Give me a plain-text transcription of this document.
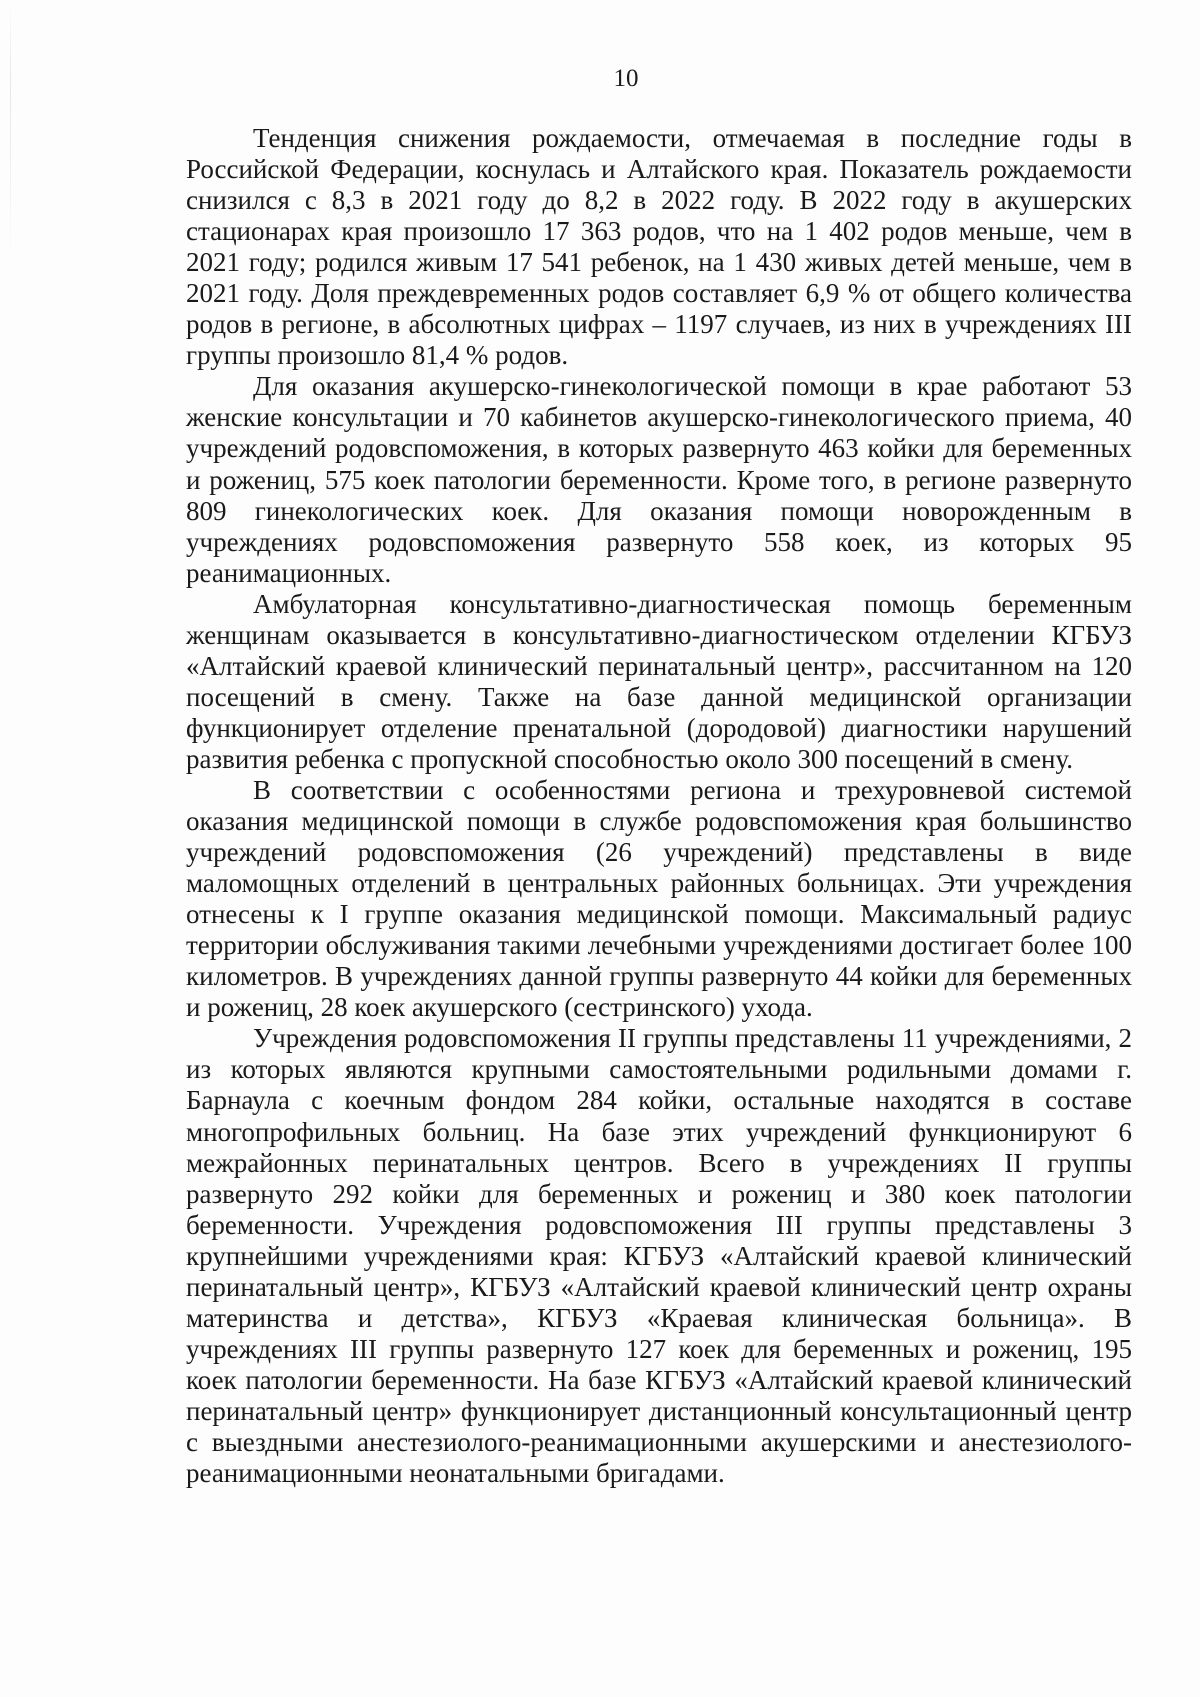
10

Тенденция снижения рождаемости, отмечаемая в последние годы в Российской Федерации, коснулась и Алтайского края. Показатель рождаемости снизился с 8,3 в 2021 году до 8,2 в 2022 году. В 2022 году в акушерских стационарах края произошло 17 363 родов, что на 1 402 родов меньше, чем в 2021 году; родился живым 17 541 ребенок, на 1 430 живых детей меньше, чем в 2021 году. Доля преждевременных родов составляет 6,9 % от общего количества родов в регионе, в абсолютных цифрах – 1197 случаев, из них в учреждениях III группы произошло 81,4 % родов.

Для оказания акушерско-гинекологической помощи в крае работают 53 женские консультации и 70 кабинетов акушерско-гинекологического приема, 40 учреждений родовспоможения, в которых развернуто 463 койки для беременных и рожениц, 575 коек патологии беременности. Кроме того, в регионе развернуто 809 гинекологических коек. Для оказания помощи новорожденным в учреждениях родовспоможения развернуто 558 коек, из которых 95 реанимационных.

Амбулаторная консультативно-диагностическая помощь беременным женщинам оказывается в консультативно-диагностическом отделении КГБУЗ «Алтайский краевой клинический перинатальный центр», рассчитанном на 120 посещений в смену. Также на базе данной медицинской организации функционирует отделение пренатальной (дородовой) диагностики нарушений развития ребенка с пропускной способностью около 300 посещений в смену.

В соответствии с особенностями региона и трехуровневой системой оказания медицинской помощи в службе родовспоможения края большинство учреждений родовспоможения (26 учреждений) представлены в виде маломощных отделений в центральных районных больницах. Эти учреждения отнесены к I группе оказания медицинской помощи. Максимальный радиус территории обслуживания такими лечебными учреждениями достигает более 100 километров. В учреждениях данной группы развернуто 44 койки для беременных и рожениц, 28 коек акушерского (сестринского) ухода.

Учреждения родовспоможения II группы представлены 11 учреждениями, 2 из которых являются крупными самостоятельными родильными домами г. Барнаула с коечным фондом 284 койки, остальные находятся в составе многопрофильных больниц. На базе этих учреждений функционируют 6 межрайонных перинатальных центров. Всего в учреждениях II группы развернуто 292 койки для беременных и рожениц и 380 коек патологии беременности. Учреждения родовспоможения III группы представлены 3 крупнейшими учреждениями края: КГБУЗ «Алтайский краевой клинический перинатальный центр», КГБУЗ «Алтайский краевой клинический центр охраны материнства и детства», КГБУЗ «Краевая клиническая больница». В учреждениях III группы развернуто 127 коек для беременных и рожениц, 195 коек патологии беременности. На базе КГБУЗ «Алтайский краевой клинический перинатальный центр» функционирует дистанционный консультационный центр с выездными анестезиолого-реанимационными акушерскими и анестезиолого-реанимационными неонатальными бригадами.
